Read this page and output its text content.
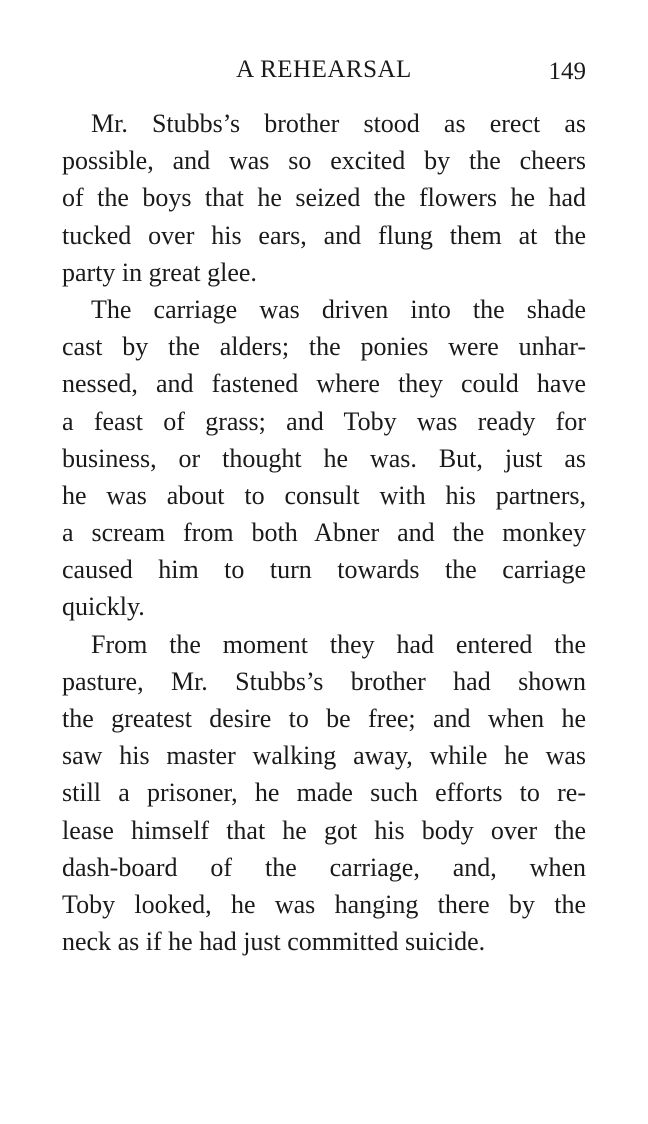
A REHEARSAL	149
Mr. Stubbs’s brother stood as erect as
possible, and was so excited by the cheers
of the boys that he seized the flowers he had
tucked over his ears, and flung them at the
party in great glee.
The carriage was driven into the shade
cast by the alders; the ponies were unhar-
nessed, and fastened where they could have
a feast of grass; and Toby was ready for
business, or thought he was. But, just as
he was about to consult with his partners,
a scream from both Abner and the monkey
caused him to turn towards the carriage
quickly.
From the moment they had entered the
pasture, Mr. Stubbs’s brother had shown
the greatest desire to be free; and when he
saw his master walking away, while he was
still a prisoner, he made such efforts to re-
lease himself that he got his body over the
dash-board of the carriage, and, when
Toby looked, he was hanging there by the
neck as if he had just committed suicide.
